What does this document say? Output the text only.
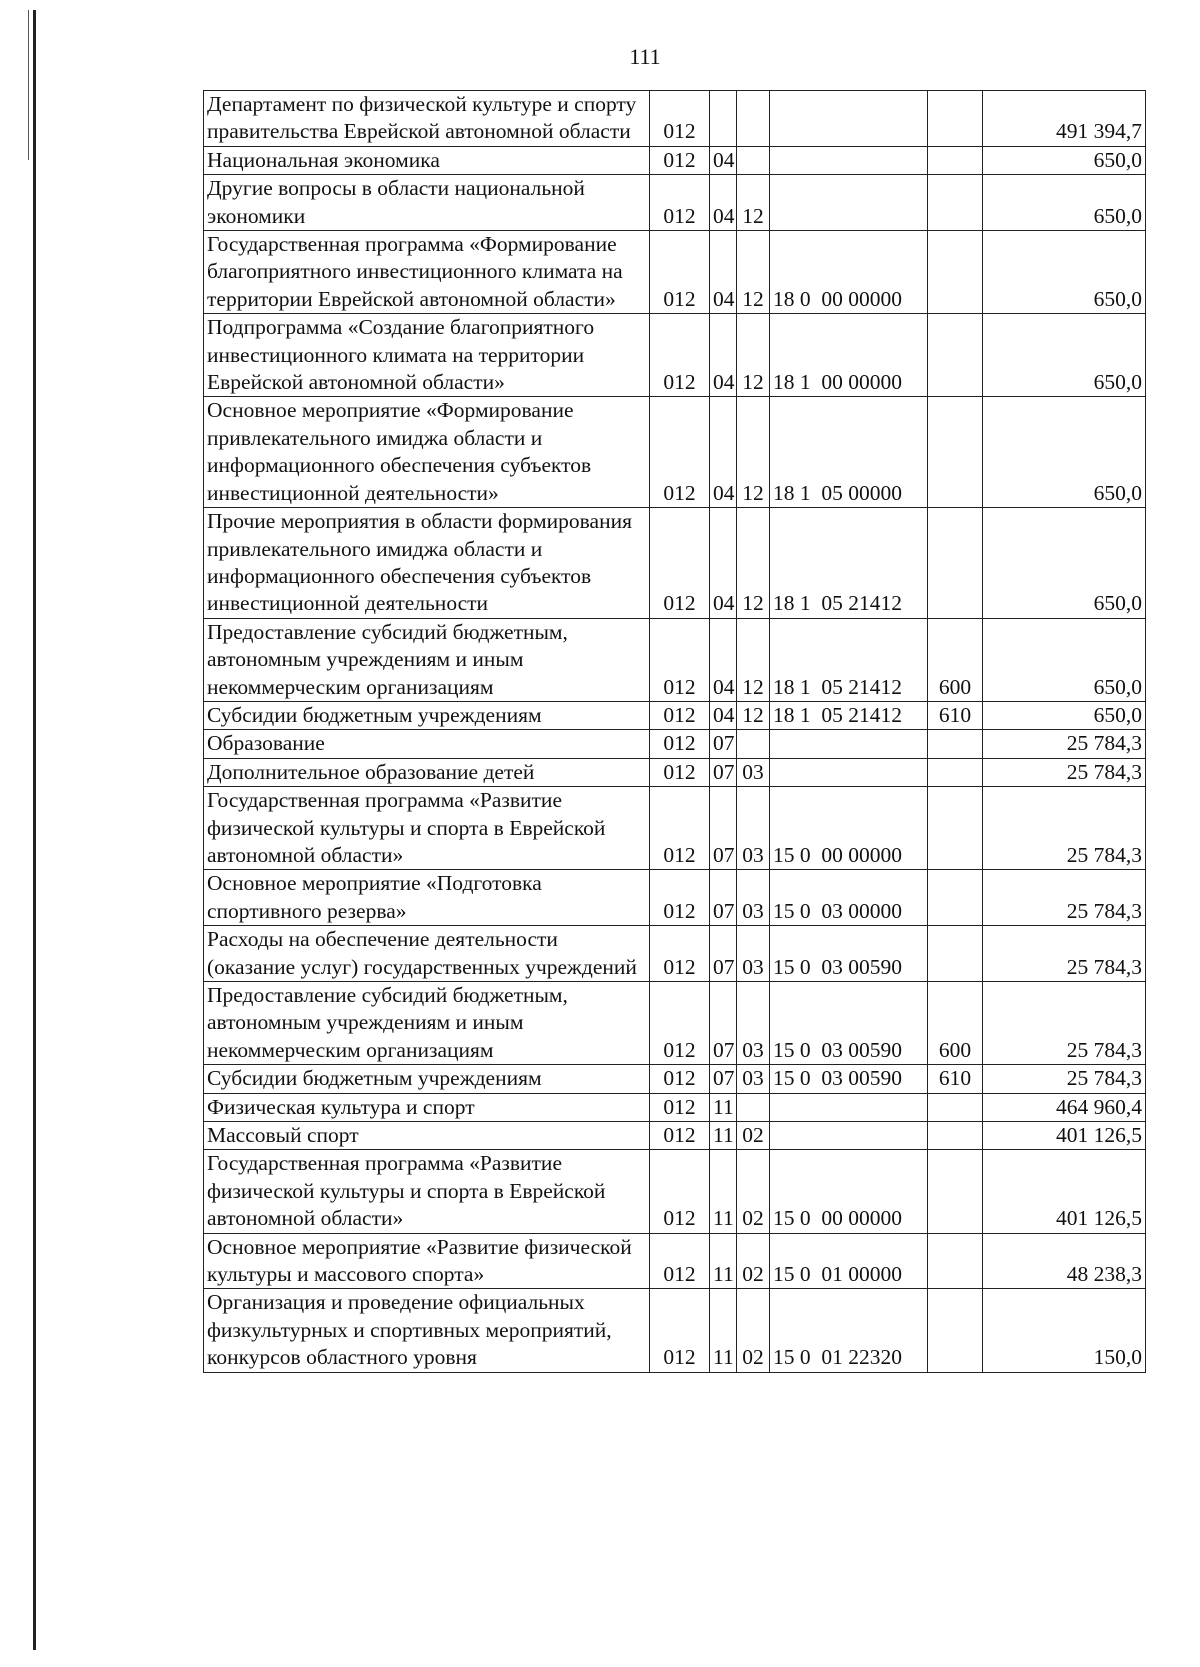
111
Департамент по физической культуре и спорту правительства Еврейской автономной области	012					491 394,7
Национальная экономика	012	04				650,0
Другие вопросы в области национальной экономики	012	04	12			650,0
Государственная программа «Формирование благоприятного инвестиционного климата на территории Еврейской автономной области»	012	04	12	18 0  00 00000		650,0
Подпрограмма «Создание благоприятного инвестиционного климата на территории Еврейской автономной области»	012	04	12	18 1  00 00000		650,0
Основное мероприятие «Формирование привлекательного имиджа области и информационного обеспечения субъектов инвестиционной деятельности»	012	04	12	18 1  05 00000		650,0
Прочие мероприятия в области формирования привлекательного имиджа области и информационного обеспечения субъектов инвестиционной деятельности	012	04	12	18 1  05 21412		650,0
Предоставление субсидий бюджетным, автономным учреждениям и иным некоммерческим организациям	012	04	12	18 1  05 21412	600	650,0
Субсидии бюджетным учреждениям	012	04	12	18 1  05 21412	610	650,0
Образование	012	07				25 784,3
Дополнительное образование детей	012	07	03			25 784,3
Государственная программа «Развитие физической культуры и спорта в Еврейской автономной области»	012	07	03	15 0  00 00000		25 784,3
Основное мероприятие «Подготовка спортивного резерва»	012	07	03	15 0  03 00000		25 784,3
Расходы на обеспечение деятельности (оказание услуг) государственных учреждений	012	07	03	15 0  03 00590		25 784,3
Предоставление субсидий бюджетным, автономным учреждениям и иным некоммерческим организациям	012	07	03	15 0  03 00590	600	25 784,3
Субсидии бюджетным учреждениям	012	07	03	15 0  03 00590	610	25 784,3
Физическая культура и спорт	012	11				464 960,4
Массовый спорт	012	11	02			401 126,5
Государственная программа «Развитие физической культуры и спорта в Еврейской автономной области»	012	11	02	15 0  00 00000		401 126,5
Основное мероприятие «Развитие физической культуры и массового спорта»	012	11	02	15 0  01 00000		48 238,3
Организация и проведение официальных физкультурных и спортивных мероприятий, конкурсов областного уровня	012	11	02	15 0  01 22320		150,0
